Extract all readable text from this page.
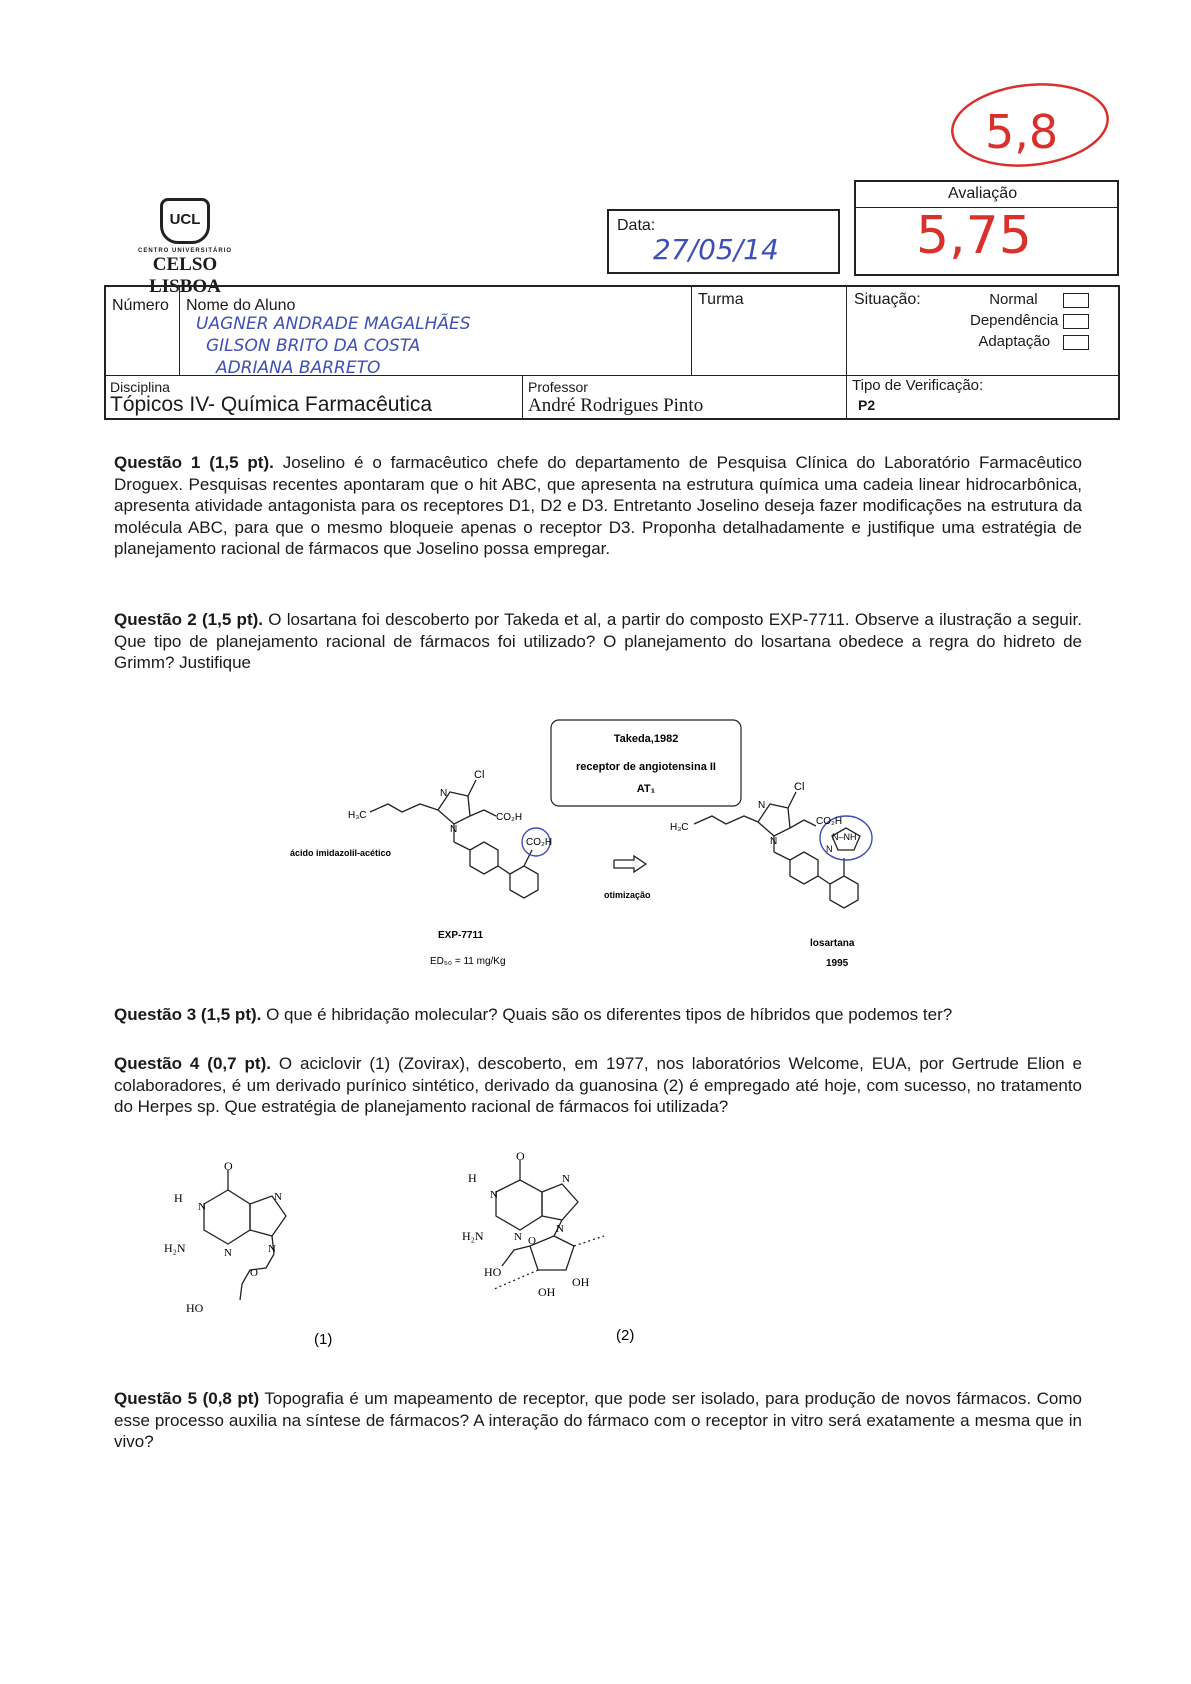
5,8
UCL
CENTRO UNIVERSITÁRIO
CELSO LISBOA
Data:
27/05/14
Avaliação
5,75
Número Nome do Aluno
UAGNER ANDRADE MAGALHÃES
GILSON BRITO DA COSTA
ADRIANA BARRETO
Turma	Situação:	Normal
Dependência
Adaptação
Disciplina
Tópicos IV- Química Farmacêutica
Professor
André Rodrigues Pinto
Tipo de Verificação:
P2
Questão 1 (1,5 pt). Joselino é o farmacêutico chefe do departamento de Pesquisa Clínica do Laboratório Farmacêutico Droguex. Pesquisas recentes apontaram que o hit ABC, que apresenta na estrutura química uma cadeia linear hidrocarbônica, apresenta atividade antagonista para os receptores D1, D2 e D3. Entretanto Joselino deseja fazer modificações na estrutura da molécula ABC, para que o mesmo bloqueie apenas o receptor D3. Proponha detalhadamente e justifique uma estratégia de planejamento racional de fármacos que Joselino possa empregar.
Questão 2 (1,5 pt). O losartana foi descoberto por Takeda et al, a partir do composto EXP-7711. Observe a ilustração a seguir. Que tipo de planejamento racional de fármacos foi utilizado? O planejamento do losartana obedece a regra do hidreto de Grimm? Justifique
Takeda,1982
receptor de angiotensina II
AT₁
H₃C
N
N
Cl
CO₂H
CO₂H
ácido imidazolil-acético
EXP-7711
ED₅₀ = 11 mg/Kg
otimização
H₃C
N
N
Cl
CO₂H
N–NH
N
losartana
1995
Questão 3 (1,5 pt). O que é hibridação molecular? Quais são os diferentes tipos de híbridos que podemos ter?
Questão 4 (0,7 pt). O aciclovir (1) (Zovirax), descoberto, em 1977, nos laboratórios Welcome, EUA, por Gertrude Elion e colaboradores, é um derivado purínico sintético, derivado da guanosina (2) é empregado até hoje, com sucesso, no tratamento do Herpes sp. Que estratégia de planejamento racional de fármacos foi utilizada?
O
H
N
H₂N	N
N
N
O
HO
(1)
O
H
N
H₂N	N
N
N
O
HO
OH
OH
(2)
Questão 5 (0,8 pt) Topografia é um mapeamento de receptor, que pode ser isolado, para produção de novos fármacos. Como esse processo auxilia na síntese de fármacos? A interação do fármaco com o receptor in vitro será exatamente a mesma que in vivo?
